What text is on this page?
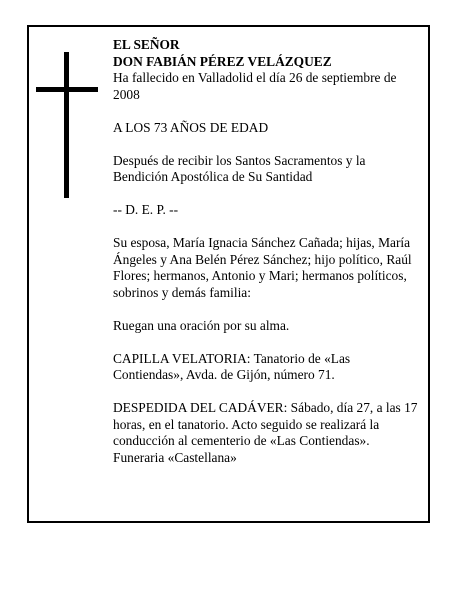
EL SEÑOR

DON FABIÁN PÉREZ VELÁZQUEZ

Ha fallecido en Valladolid el día 26 de septiembre de 2008

A LOS 73 AÑOS DE EDAD

Después de recibir los Santos Sacramentos y la Bendición Apostólica de Su Santidad

-- D. E. P. --

Su esposa, María Ignacia Sánchez Cañada; hijas, María Ángeles y Ana Belén Pérez Sánchez; hijo político, Raúl Flores; hermanos, Antonio y Mari; hermanos políticos, sobrinos y demás familia:

Ruegan una oración por su alma.

CAPILLA VELATORIA: Tanatorio de «Las Contiendas», Avda. de Gijón, número 71.

DESPEDIDA DEL CADÁVER: Sábado, día 27, a las 17 horas, en el tanatorio. Acto seguido se realizará la conducción al cementerio de «Las Contiendas».

Funeraria «Castellana»
